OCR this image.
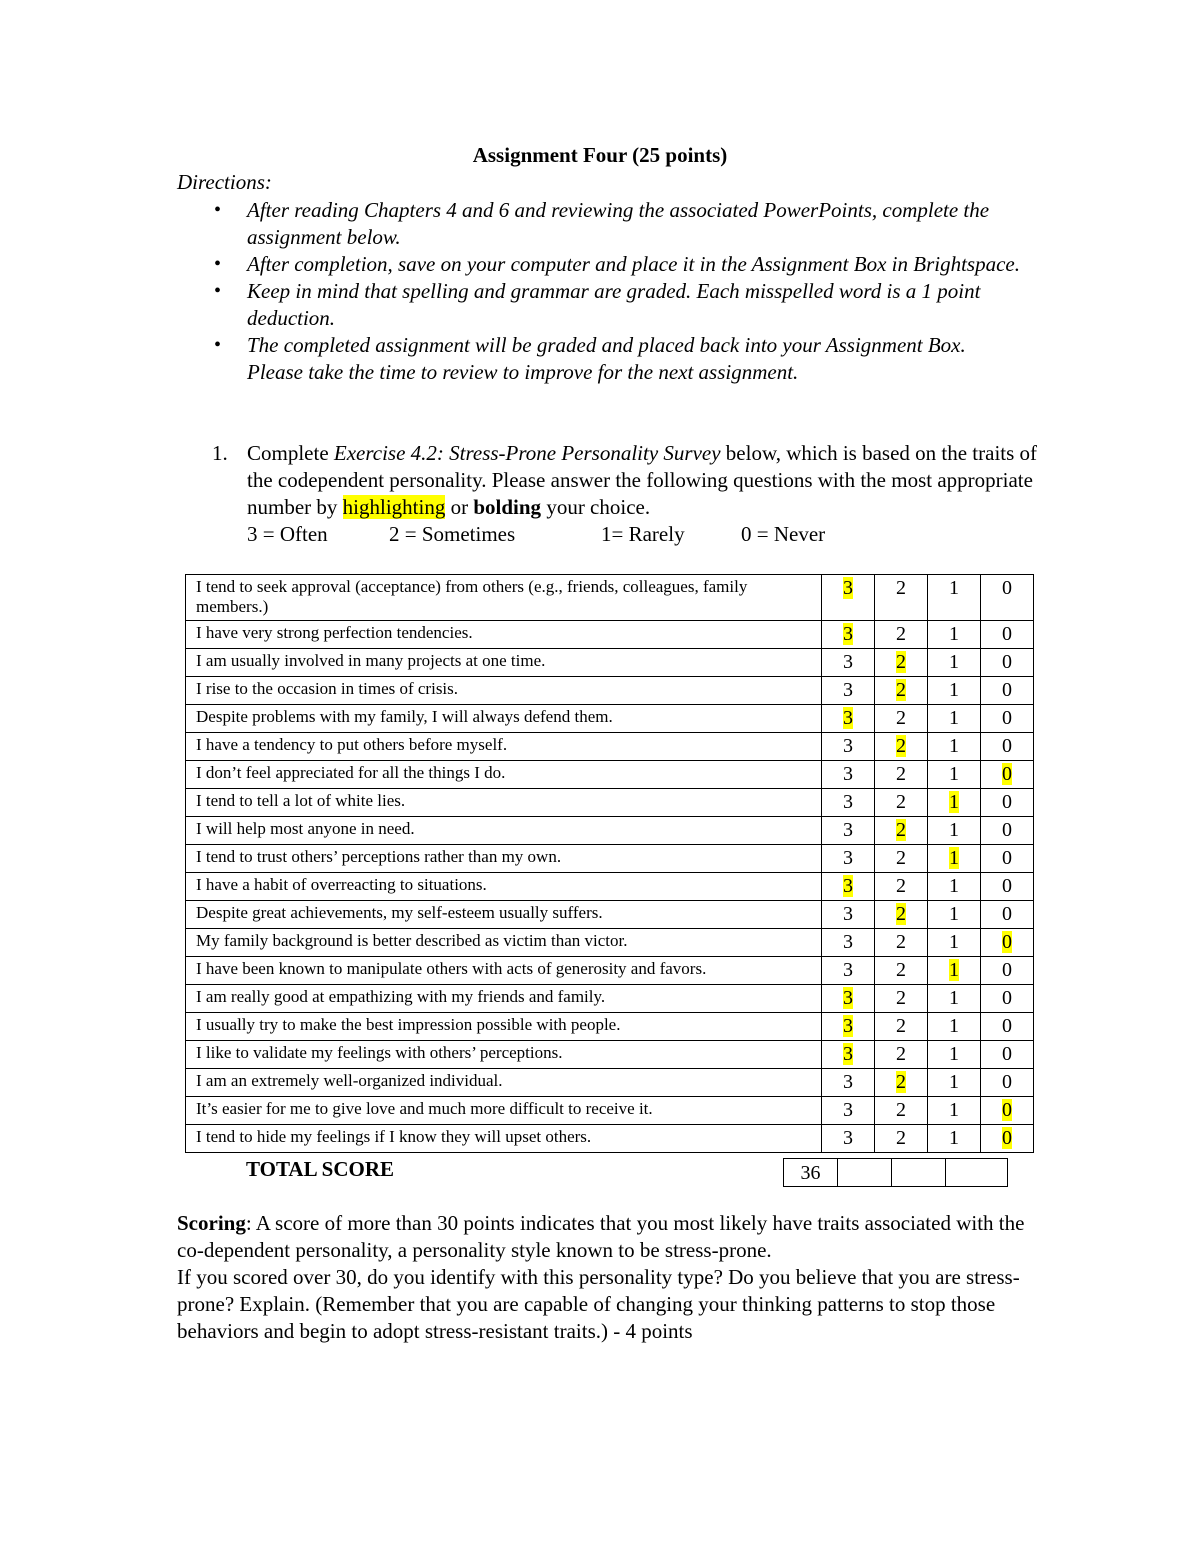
Assignment Four (25 points)
Directions:
• After reading Chapters 4 and 6 and reviewing the associated PowerPoints, complete the assignment below.
• After completion, save on your computer and place it in the Assignment Box in Brightspace.
• Keep in mind that spelling and grammar are graded. Each misspelled word is a 1 point deduction.
• The completed assignment will be graded and placed back into your Assignment Box. Please take the time to review to improve for the next assignment.
1. Complete Exercise 4.2: Stress-Prone Personality Survey below, which is based on the traits of the codependent personality. Please answer the following questions with the most appropriate number by highlighting or bolding your choice.
3 = Often	2 = Sometimes	1= Rarely	0 = Never
I tend to seek approval (acceptance) from others (e.g., friends, colleagues, family members.)	3	2	1	0
I have very strong perfection tendencies.	3	2	1	0
I am usually involved in many projects at one time.	3	2	1	0
I rise to the occasion in times of crisis.	3	2	1	0
Despite problems with my family, I will always defend them.	3	2	1	0
I have a tendency to put others before myself.	3	2	1	0
I don’t feel appreciated for all the things I do.	3	2	1	0
I tend to tell a lot of white lies.	3	2	1	0
I will help most anyone in need.	3	2	1	0
I tend to trust others’ perceptions rather than my own.	3	2	1	0
I have a habit of overreacting to situations.	3	2	1	0
Despite great achievements, my self-esteem usually suffers.	3	2	1	0
My family background is better described as victim than victor.	3	2	1	0
I have been known to manipulate others with acts of generosity and favors.	3	2	1	0
I am really good at empathizing with my friends and family.	3	2	1	0
I usually try to make the best impression possible with people.	3	2	1	0
I like to validate my feelings with others’ perceptions.	3	2	1	0
I am an extremely well-organized individual.	3	2	1	0
It’s easier for me to give love and much more difficult to receive it.	3	2	1	0
I tend to hide my feelings if I know they will upset others.	3	2	1	0
TOTAL SCORE	36

Scoring: A score of more than 30 points indicates that you most likely have traits associated with the co-dependent personality, a personality style known to be stress-prone.

If you scored over 30, do you identify with this personality type? Do you believe that you are stress-prone? Explain. (Remember that you are capable of changing your thinking patterns to stop those behaviors and begin to adopt stress-resistant traits.) - 4 points
